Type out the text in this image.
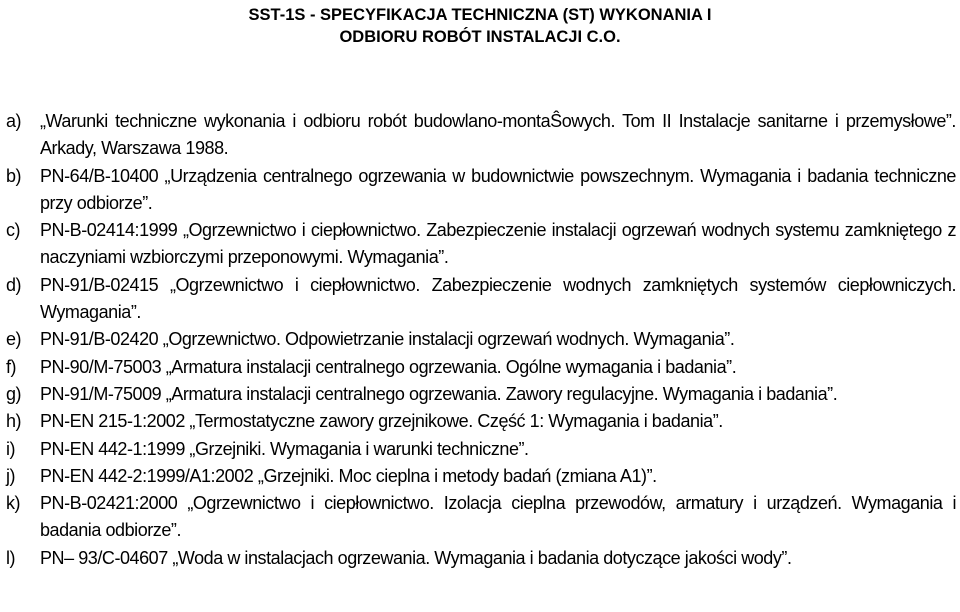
SST-1S - SPECYFIKACJA TECHNICZNA (ST) WYKONANIA I
ODBIORU ROBÓT INSTALACJI C.O.
a) „Warunki techniczne wykonania i odbioru robót budowlano-montaŜowych. Tom II Instalacje sanitarne i przemysłowe”. Arkady, Warszawa 1988.
b) PN-64/B-10400 „Urządzenia centralnego ogrzewania w budownictwie powszechnym. Wymagania i badania techniczne przy odbiorze”.
c) PN-B-02414:1999 „Ogrzewnictwo i ciepłownictwo. Zabezpieczenie instalacji ogrzewań wodnych systemu zamkniętego z naczyniami wzbiorczymi przeponowymi. Wymagania”.
d) PN-91/B-02415 „Ogrzewnictwo i ciepłownictwo. Zabezpieczenie wodnych zamkniętych systemów ciepłowniczych. Wymagania”.
e) PN-91/B-02420 „Ogrzewnictwo. Odpowietrzanie instalacji ogrzewań wodnych. Wymagania”.
f) PN-90/M-75003 „Armatura instalacji centralnego ogrzewania. Ogólne wymagania i badania”.
g) PN-91/M-75009 „Armatura instalacji centralnego ogrzewania. Zawory regulacyjne. Wymagania i badania”.
h) PN-EN 215-1:2002 „Termostatyczne zawory grzejnikowe. Część 1: Wymagania i badania”.
i) PN-EN 442-1:1999 „Grzejniki. Wymagania i warunki techniczne”.
j) PN-EN 442-2:1999/A1:2002 „Grzejniki. Moc cieplna i metody badań (zmiana A1)”.
k) PN-B-02421:2000 „Ogrzewnictwo i ciepłownictwo. Izolacja cieplna przewodów, armatury i urządzeń. Wymagania i badania odbiorze”.
l) PN– 93/C-04607 „Woda w instalacjach ogrzewania. Wymagania i badania dotyczące jakości wody”.
